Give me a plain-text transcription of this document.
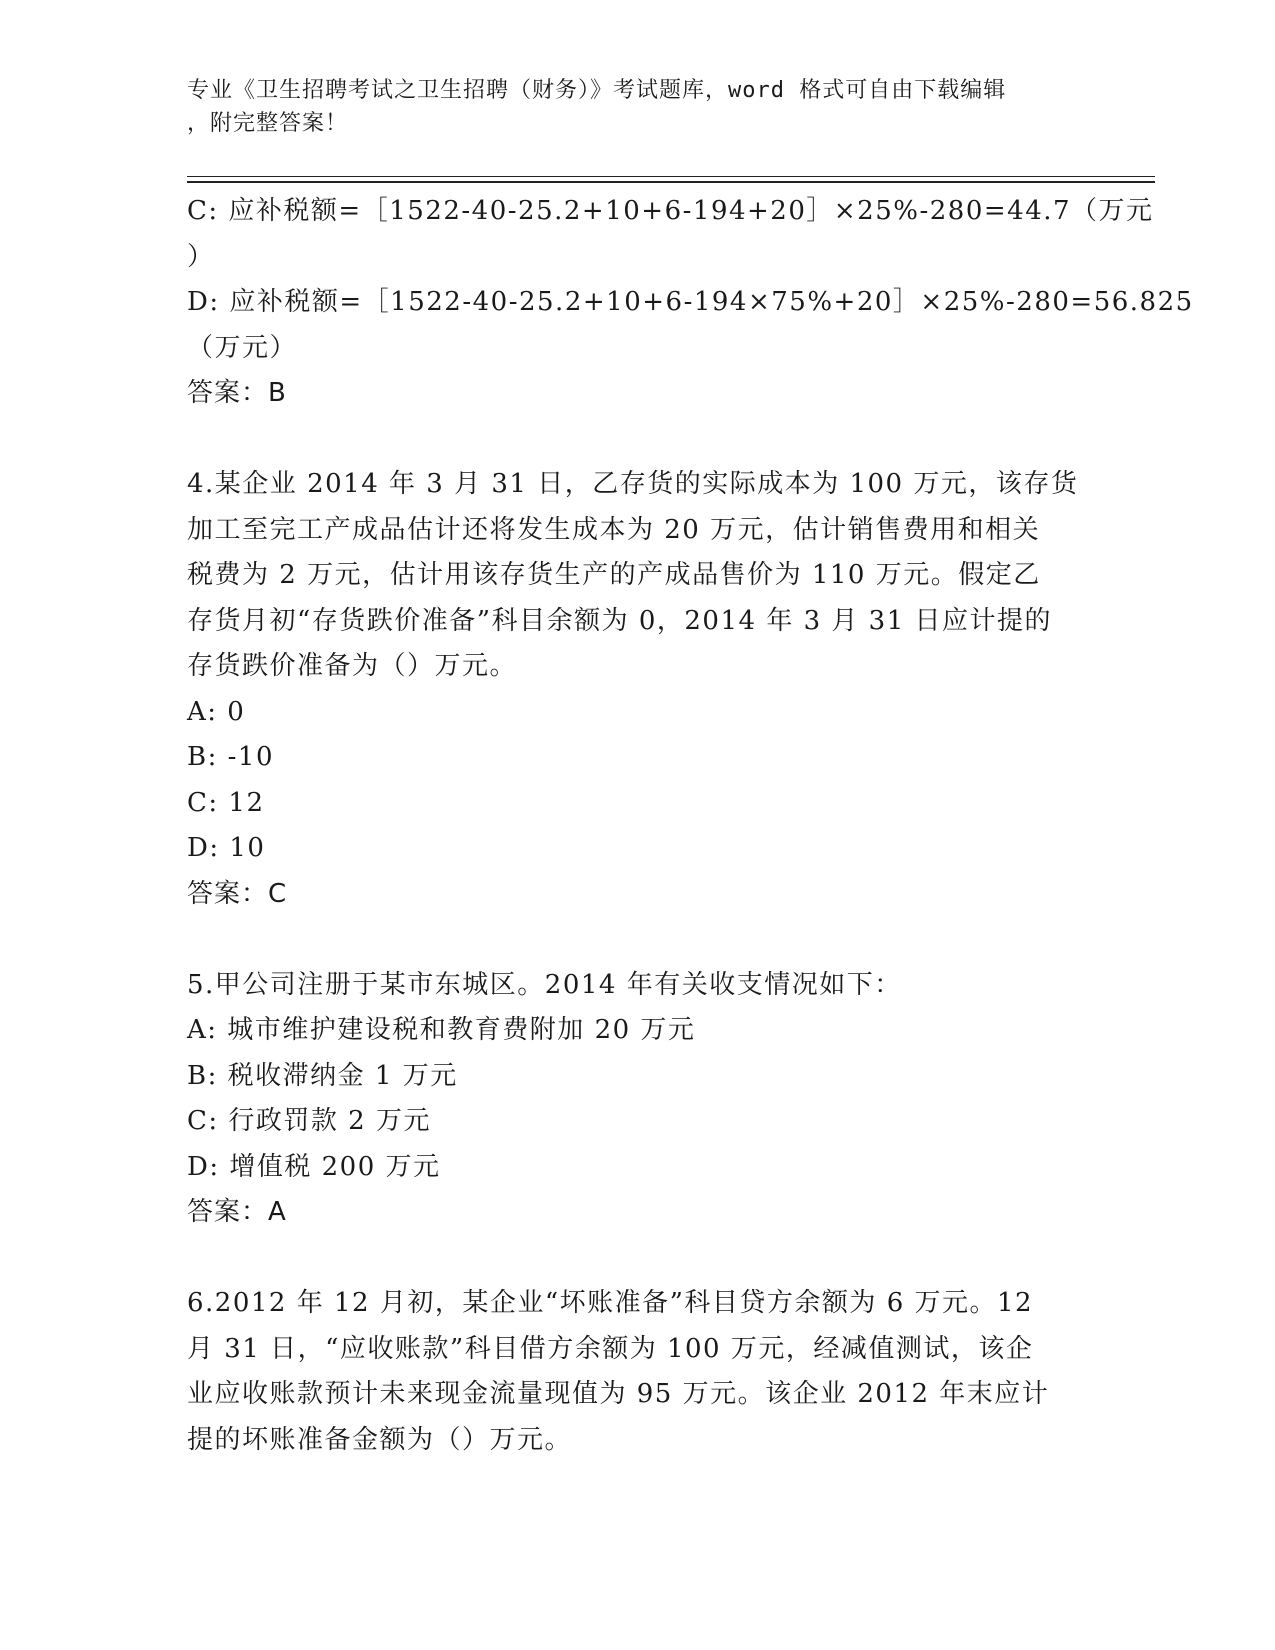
专业《卫生招聘考试之卫生招聘（财务）》考试题库，word 格式可自由下载编辑
，附完整答案！
C: 应补税额=［1522-40-25.2+10+6-194+20］×25%-280=44.7（万元
）
D: 应补税额=［1522-40-25.2+10+6-194×75%+20］×25%-280=56.825
（万元）
答案：B
4.某企业 2014 年 3 月 31 日，乙存货的实际成本为 100 万元，该存货
加工至完工产成品估计还将发生成本为 20 万元，估计销售费用和相关
税费为 2 万元，估计用该存货生产的产成品售价为 110 万元。假定乙
存货月初“存货跌价准备”科目余额为 0，2014 年 3 月 31 日应计提的
存货跌价准备为（）万元。
A: 0
B: -10
C: 12
D: 10
答案：C
5.甲公司注册于某市东城区。2014 年有关收支情况如下：
A: 城市维护建设税和教育费附加 20 万元
B: 税收滞纳金 1 万元
C: 行政罚款 2 万元
D: 增值税 200 万元
答案：A
6.2012 年 12 月初，某企业“坏账准备”科目贷方余额为 6 万元。12
月 31 日，“应收账款”科目借方余额为 100 万元，经减值测试，该企
业应收账款预计未来现金流量现值为 95 万元。该企业 2012 年末应计
提的坏账准备金额为（）万元。
